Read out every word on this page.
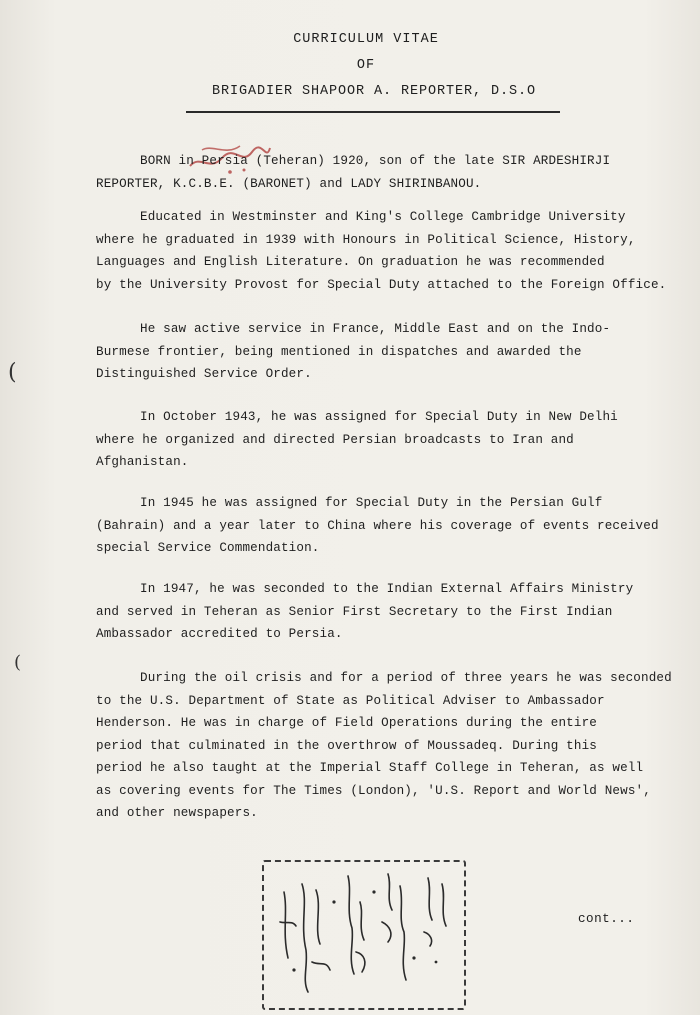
CURRICULUM VITAE
OF
BRIGADIER SHAPOOR A. REPORTER, D.S.O

BORN in Persia (Teheran) 1920, son of the late SIR ARDESHIRJI
REPORTER, K.C.B.E. (BARONET) and LADY SHIRINBANOU.

Educated in Westminster and King's College Cambridge University
where he graduated in 1939 with Honours in Political Science, History,
Languages and English Literature. On graduation he was recommended
by the University Provost for Special Duty attached to the Foreign Office.

He saw active service in France, Middle East and on the Indo-
Burmese frontier, being mentioned in dispatches and awarded the
Distinguished Service Order.

In October 1943, he was assigned for Special Duty in New Delhi
where he organized and directed Persian broadcasts to Iran and
Afghanistan.

In 1945 he was assigned for Special Duty in the Persian Gulf
(Bahrain) and a year later to China where his coverage of events received
special Service Commendation.

In 1947, he was seconded to the Indian External Affairs Ministry
and served in Teheran as Senior First Secretary to the First Indian
Ambassador accredited to Persia.

During the oil crisis and for a period of three years he was seconded
to the U.S. Department of State as Political Adviser to Ambassador
Henderson. He was in charge of Field Operations during the entire
period that culminated in the overthrow of Moussadeq. During this
period he also taught at the Imperial Staff College in Teheran, as well
as covering events for The Times (London), 'U.S. Report and World News',
and other newspapers.

(
(
cont...
